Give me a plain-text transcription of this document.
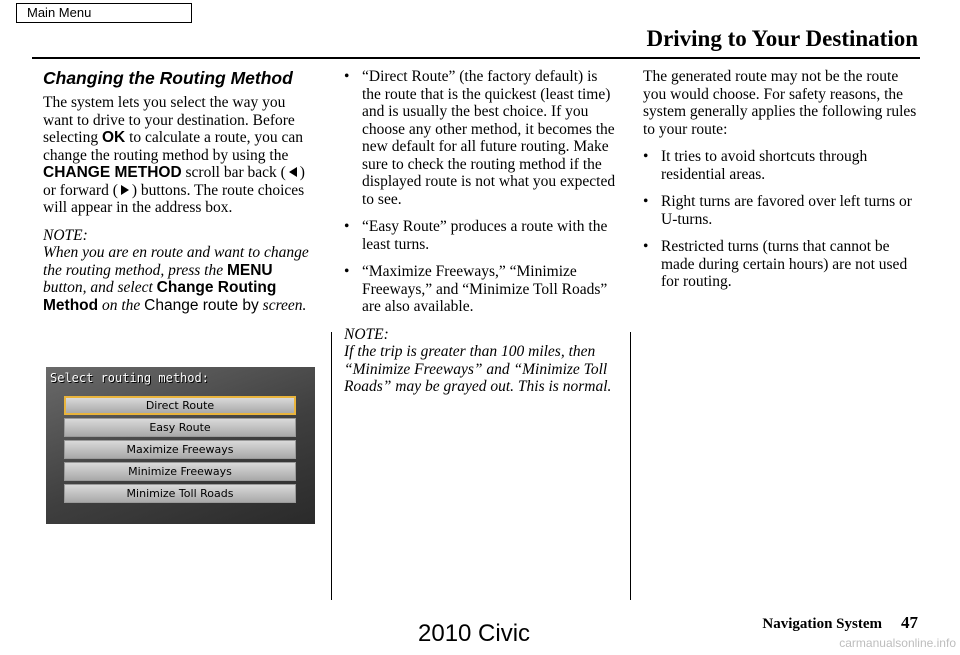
Main Menu
Driving to Your Destination
Changing the Routing Method

The system lets you select the way you want to drive to your destination. Before selecting OK to calculate a route, you can change the routing method by using the CHANGE METHOD scroll bar back ( ) or forward ( ) buttons. The route choices will appear in the address box.

NOTE:

When you are en route and want to change the routing method, press the MENU button, and select Change Routing Method on the Change route by screen.

Select routing method:
Direct Route
Easy Route
Maximize Freeways
Minimize Freeways
Minimize Toll Roads
• “Direct Route” (the factory default) is the route that is the quickest (least time) and is usually the best choice. If you choose any other method, it becomes the new default for all future routing. Make sure to check the routing method if the displayed route is not what you expected to see.
• “Easy Route” produces a route with the least turns.
• “Maximize Freeways,” “Minimize Freeways,” and “Minimize Toll Roads” are also available.

NOTE:

If the trip is greater than 100 miles, then “Minimize Freeways” and “Minimize Toll Roads” may be grayed out. This is normal.

The generated route may not be the route you would choose. For safety reasons, the system generally applies the following rules to your route:

• It tries to avoid shortcuts through residential areas.
• Right turns are favored over left turns or U-turns.
• Restricted turns (turns that cannot be made during certain hours) are not used for routing.
Navigation System 47
2010 Civic	carmanualsonline.info
